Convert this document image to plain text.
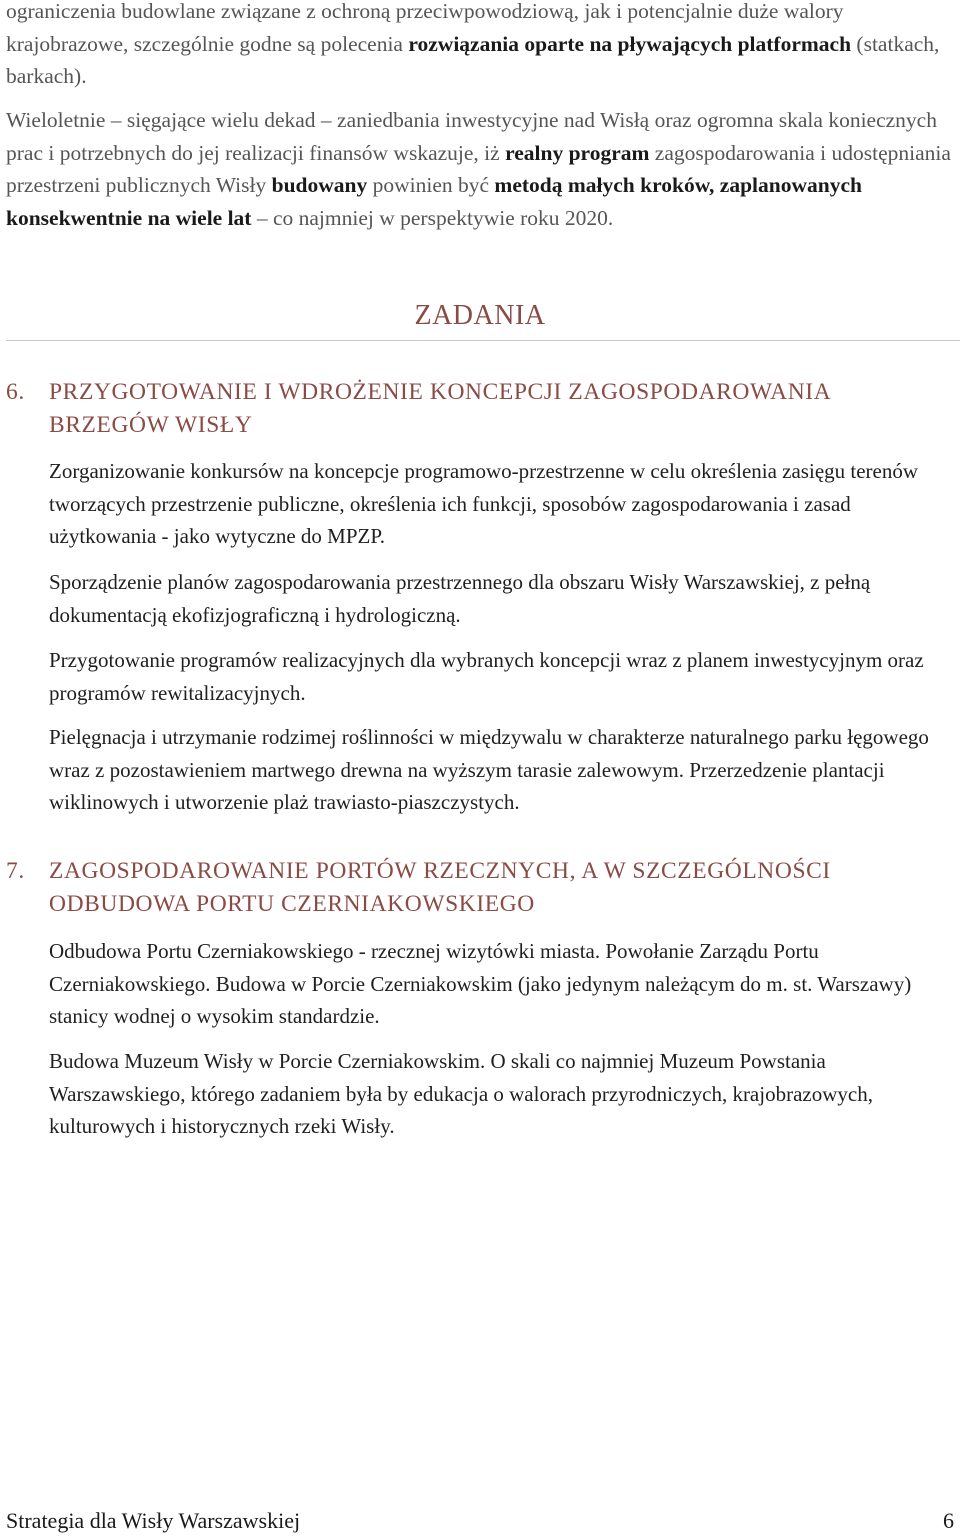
ograniczenia budowlane związane z ochroną przeciwpowodziową, jak i potencjalnie duże walory krajobrazowe, szczególnie godne są polecenia rozwiązania oparte na pływających platformach (statkach, barkach).

Wieloletnie – sięgające wielu dekad – zaniedbania inwestycyjne nad Wisłą oraz ogromna skala koniecznych prac i potrzebnych do jej realizacji finansów wskazuje, iż realny program zagospodarowania i udostępniania przestrzeni publicznych Wisły budowany powinien być metodą małych kroków, zaplanowanych konsekwentnie na wiele lat – co najmniej w perspektywie roku 2020.

ZADANIA
6. PRZYGOTOWANIE I WDROŻENIE KONCEPCJI ZAGOSPODAROWANIA BRZEGÓW WISŁY

Zorganizowanie konkursów na koncepcje programowo-przestrzenne w celu określenia zasięgu terenów tworzących przestrzenie publiczne, określenia ich funkcji, sposobów zagospodarowania i zasad użytkowania - jako wytyczne do MPZP.

Sporządzenie planów zagospodarowania przestrzennego dla obszaru Wisły Warszawskiej, z pełną dokumentacją ekofizjograficzną i hydrologiczną.

Przygotowanie programów realizacyjnych dla wybranych koncepcji wraz z planem inwestycyjnym oraz programów rewitalizacyjnych.

Pielęgnacja i utrzymanie rodzimej roślinności w międzywalu w charakterze naturalnego parku łęgowego wraz z pozostawieniem martwego drewna na wyższym tarasie zalewowym. Przerzedzenie plantacji wiklinowych i utworzenie plaż trawiasto-piaszczystych.

7. ZAGOSPODAROWANIE PORTÓW RZECZNYCH, A W SZCZEGÓLNOŚCI ODBUDOWA PORTU CZERNIAKOWSKIEGO

Odbudowa Portu Czerniakowskiego - rzecznej wizytówki miasta. Powołanie Zarządu Portu Czerniakowskiego. Budowa w Porcie Czerniakowskim (jako jedynym należącym do m. st. Warszawy) stanicy wodnej o wysokim standardzie.

Budowa Muzeum Wisły w Porcie Czerniakowskim. O skali co najmniej Muzeum Powstania Warszawskiego, którego zadaniem była by edukacja o walorach przyrodniczych, krajobrazowych, kulturowych i historycznych rzeki Wisły.

Strategia dla Wisły Warszawskiej	6
